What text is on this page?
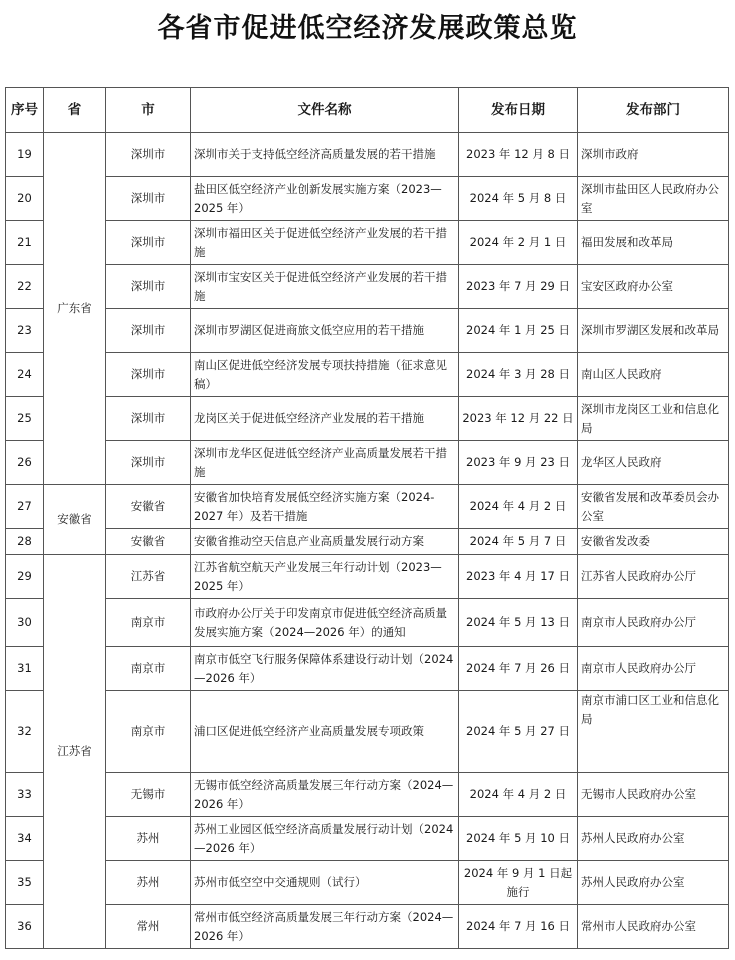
各省市促进低空经济发展政策总览
序号	省	市	文件名称	发布日期	发布部门
19	广东省	深圳市	深圳市关于支持低空经济高质量发展的若干措施	2023 年 12 月 8 日	深圳市政府
20		深圳市	盐田区低空经济产业创新发展实施方案（2023—2025 年）	2024 年 5 月 8 日	深圳市盐田区人民政府办公室
21		深圳市	深圳市福田区关于促进低空经济产业发展的若干措施	2024 年 2 月 1 日	福田发展和改革局
22		深圳市	深圳市宝安区关于促进低空经济产业发展的若干措施	2023 年 7 月 29 日	宝安区政府办公室
23		深圳市	深圳市罗湖区促进商旅文低空应用的若干措施	2024 年 1 月 25 日	深圳市罗湖区发展和改革局
24		深圳市	南山区促进低空经济发展专项扶持措施（征求意见稿）	2024 年 3 月 28 日	南山区人民政府
25		深圳市	龙岗区关于促进低空经济产业发展的若干措施	2023 年 12 月 22 日	深圳市龙岗区工业和信息化局
26		深圳市	深圳市龙华区促进低空经济产业高质量发展若干措施	2023 年 9 月 23 日	龙华区人民政府
27	安徽省	安徽省	安徽省加快培育发展低空经济实施方案（2024-2027 年）及若干措施	2024 年 4 月 2 日	安徽省发展和改革委员会办公室
28		安徽省	安徽省推动空天信息产业高质量发展行动方案	2024 年 5 月 7 日	安徽省发改委
29	江苏省	江苏省	江苏省航空航天产业发展三年行动计划（2023—2025 年）	2023 年 4 月 17 日	江苏省人民政府办公厅
30		南京市	市政府办公厅关于印发南京市促进低空经济高质量发展实施方案（2024—2026 年）的通知	2024 年 5 月 13 日	南京市人民政府办公厅
31		南京市	南京市低空飞行服务保障体系建设行动计划（2024—2026 年）	2024 年 7 月 26 日	南京市人民政府办公厅
32		南京市	浦口区促进低空经济产业高质量发展专项政策	2024 年 5 月 27 日	南京市浦口区工业和信息化局
33		无锡市	无锡市低空经济高质量发展三年行动方案（2024—2026 年）	2024 年 4 月 2 日	无锡市人民政府办公室
34		苏州	苏州工业园区低空经济高质量发展行动计划（2024—2026 年）	2024 年 5 月 10 日	苏州人民政府办公室
35		苏州	苏州市低空空中交通规则（试行）	2024 年 9 月 1 日起施行	苏州人民政府办公室
36		常州	常州市低空经济高质量发展三年行动方案（2024—2026 年）	2024 年 7 月 16 日	常州市人民政府办公室
